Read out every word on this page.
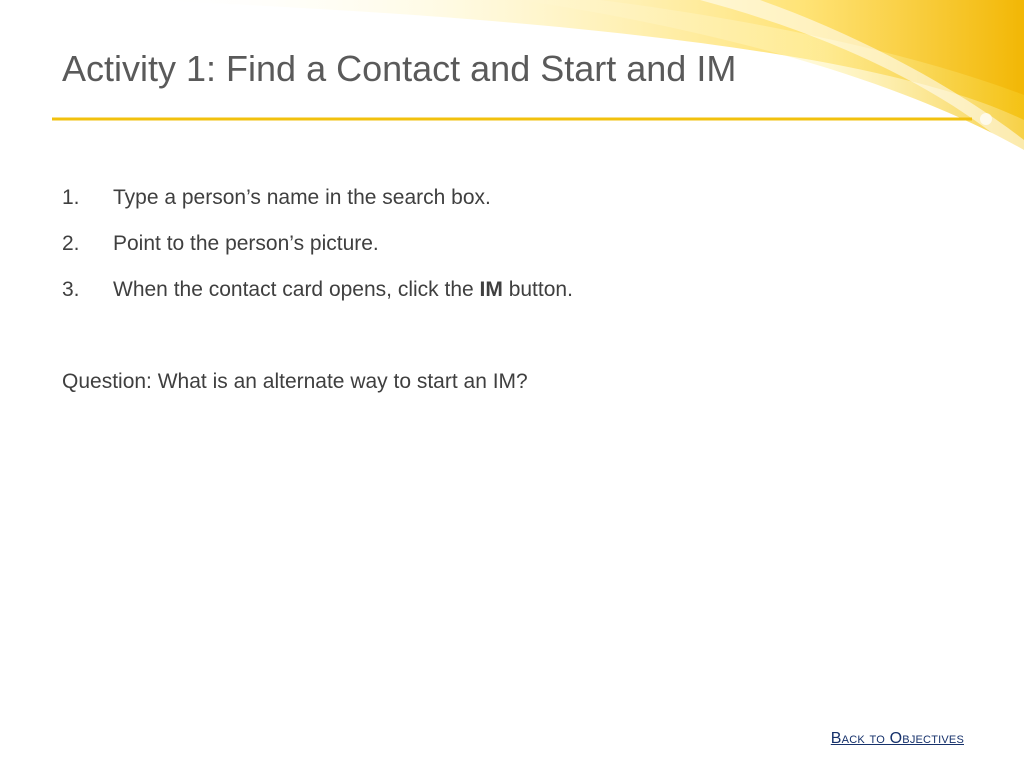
Activity 1: Find a Contact and Start and IM
1. Type a person’s name in the search box.
2. Point to the person’s picture.
3. When the contact card opens, click the IM button.
Question: What is an alternate way to start an IM?
Back to Objectives
